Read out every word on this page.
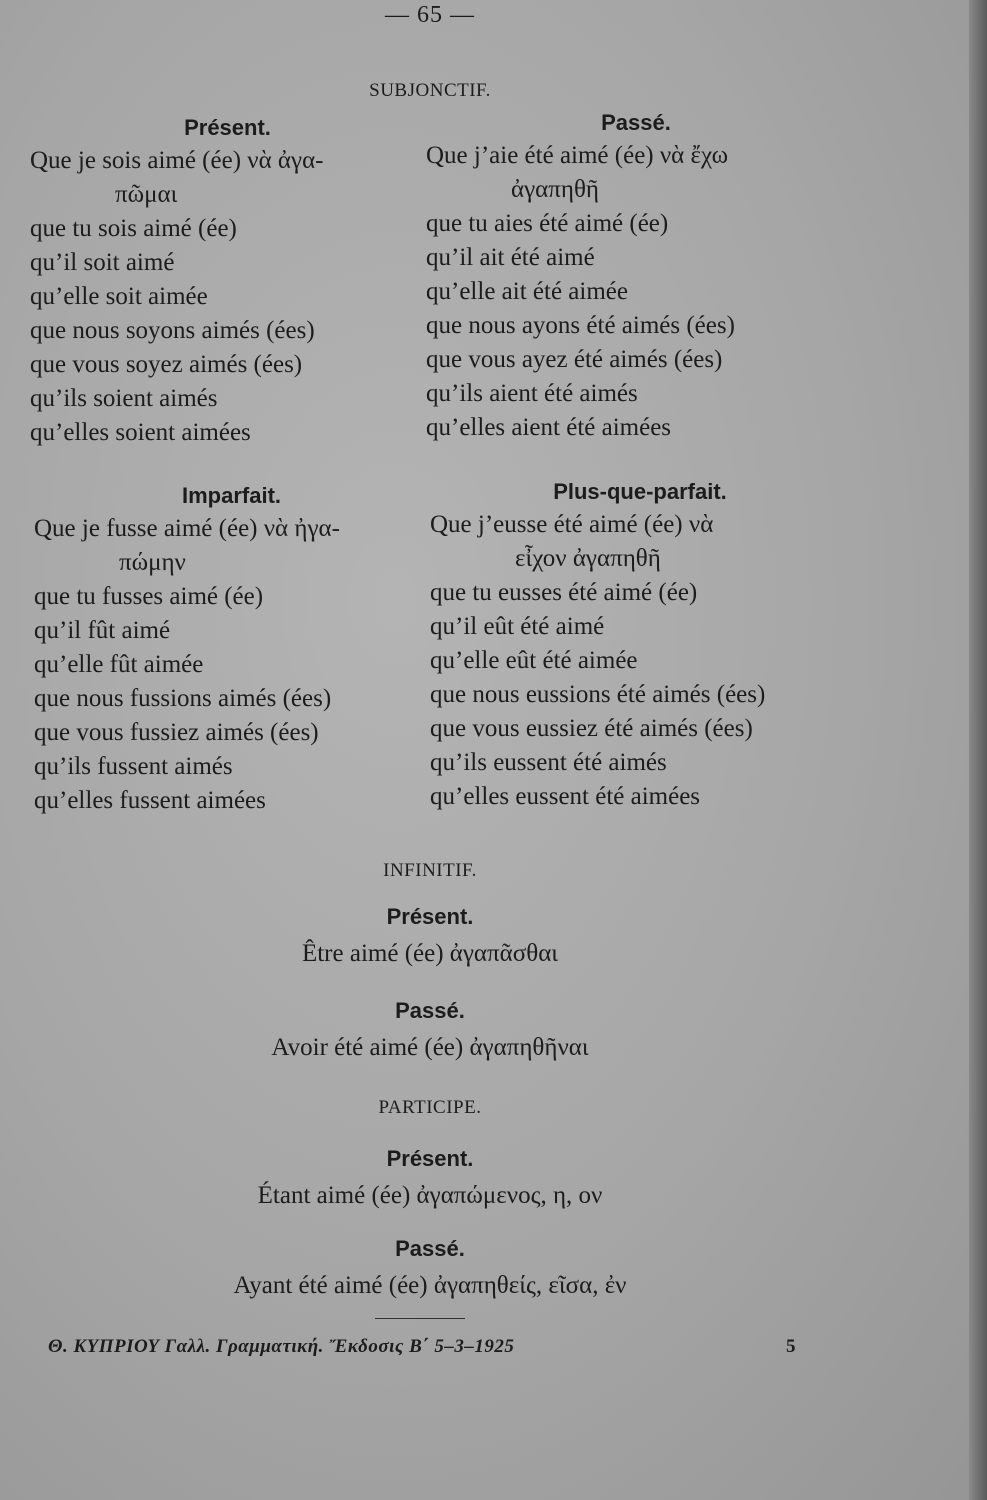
— 65 —
SUBJONCTIF.
Présent.
Que je sois aimé (ée) νὰ ἀγα-
πῶμαι
que tu sois aimé (ée)
qu’il soit aimé
qu’elle soit aimée
que nous soyons aimés (ées)
que vous soyez aimés (ées)
qu’ils soient aimés
qu’elles soient aimées
Passé.
Que j’aie été aimé (ée) νὰ ἔχω
ἀγαπηθῆ
que tu aies été aimé (ée)
qu’il ait été aimé
qu’elle ait été aimée
que nous ayons été aimés (ées)
que vous ayez été aimés (ées)
qu’ils aient été aimés
qu’elles aient été aimées
Imparfait.
Que je fusse aimé (ée) νὰ ἠγα-
πώμην
que tu fusses aimé (ée)
qu’il fût aimé
qu’elle fût aimée
que nous fussions aimés (ées)
que vous fussiez aimés (ées)
qu’ils fussent aimés
qu’elles fussent aimées
Plus-que-parfait.
Que j’eusse été aimé (ée) νὰ
εἶχον ἀγαπηθῆ
que tu eusses été aimé (ée)
qu’il eût été aimé
qu’elle eût été aimée
que nous eussions été aimés (ées)
que vous eussiez été aimés (ées)
qu’ils eussent été aimés
qu’elles eussent été aimées
INFINITIF.
Présent.
Être aimé (ée) ἀγαπᾶσθαι
Passé.
Avoir été aimé (ée) ἀγαπηθῆναι
PARTICIPE.
Présent.
Étant aimé (ée) ἀγαπώμενος, η, ον
Passé.
Ayant été aimé (ée) ἀγαπηθείς, εῖσα, ἐν
Θ. ΚΥΠΡΙΟΥ Γαλλ. Γραμματική. Ἔκδοσις Β΄ 5–3–1925	5
